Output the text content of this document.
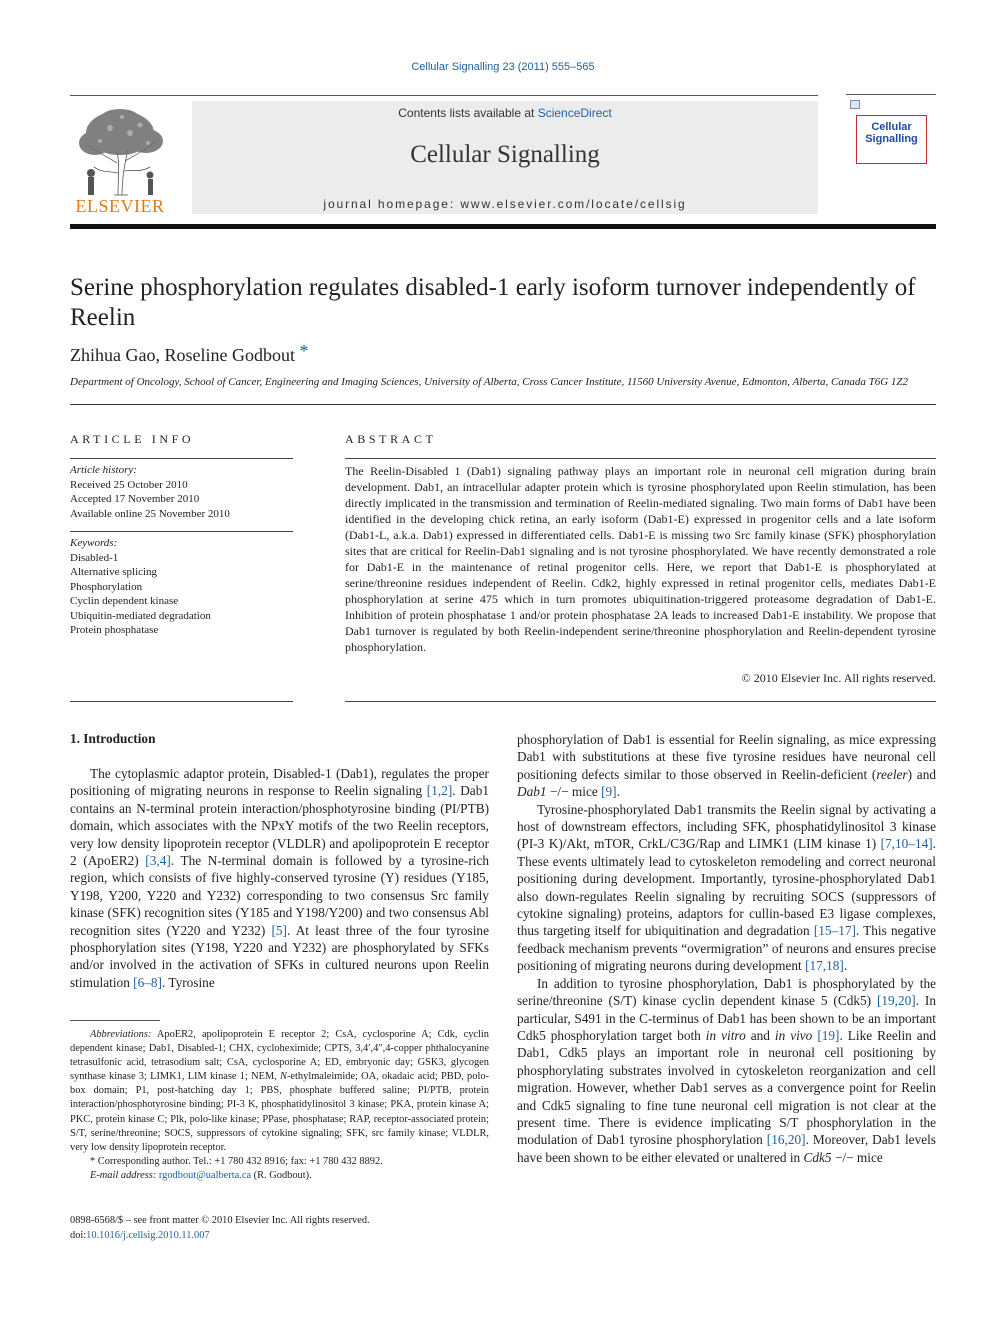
Cellular Signalling 23 (2011) 555–565
Contents lists available at ScienceDirect
Cellular Signalling
journal homepage: www.elsevier.com/locate/cellsig
ELSEVIER
Cellular
Signalling
Serine phosphorylation regulates disabled-1 early isoform turnover independently of Reelin
Zhihua Gao, Roseline Godbout *
Department of Oncology, School of Cancer, Engineering and Imaging Sciences, University of Alberta, Cross Cancer Institute, 11560 University Avenue, Edmonton, Alberta, Canada T6G 1Z2
ARTICLE INFO	ABSTRACT
Article history:
Received 25 October 2010
Accepted 17 November 2010
Available online 25 November 2010
Keywords:
Disabled-1
Alternative splicing
Phosphorylation
Cyclin dependent kinase
Ubiquitin-mediated degradation
Protein phosphatase
The Reelin-Disabled 1 (Dab1) signaling pathway plays an important role in neuronal cell migration during brain development. Dab1, an intracellular adapter protein which is tyrosine phosphorylated upon Reelin stimulation, has been directly implicated in the transmission and termination of Reelin-mediated signaling. Two main forms of Dab1 have been identified in the developing chick retina, an early isoform (Dab1-E) expressed in progenitor cells and a late isoform (Dab1-L, a.k.a. Dab1) expressed in differentiated cells. Dab1-E is missing two Src family kinase (SFK) phosphorylation sites that are critical for Reelin-Dab1 signaling and is not tyrosine phosphorylated. We have recently demonstrated a role for Dab1-E in the maintenance of retinal progenitor cells. Here, we report that Dab1-E is phosphorylated at serine/threonine residues independent of Reelin. Cdk2, highly expressed in retinal progenitor cells, mediates Dab1-E phosphorylation at serine 475 which in turn promotes ubiquitination-triggered proteasome degradation of Dab1-E. Inhibition of protein phosphatase 1 and/or protein phosphatase 2A leads to increased Dab1-E instability. We propose that Dab1 turnover is regulated by both Reelin-independent serine/threonine phosphorylation and Reelin-dependent tyrosine phosphorylation.
© 2010 Elsevier Inc. All rights reserved.
1. Introduction

The cytoplasmic adaptor protein, Disabled-1 (Dab1), regulates the proper positioning of migrating neurons in response to Reelin signaling [1,2]. Dab1 contains an N-terminal protein interaction/phosphotyrosine binding (PI/PTB) domain, which associates with the NPxY motifs of the two Reelin receptors, very low density lipoprotein receptor (VLDLR) and apolipoprotein E receptor 2 (ApoER2) [3,4]. The N-terminal domain is followed by a tyrosine-rich region, which consists of five highly-conserved tyrosine (Y) residues (Y185, Y198, Y200, Y220 and Y232) corresponding to two consensus Src family kinase (SFK) recognition sites (Y185 and Y198/Y200) and two consensus Abl recognition sites (Y220 and Y232) [5]. At least three of the four tyrosine phosphorylation sites (Y198, Y220 and Y232) are phosphorylated by SFKs and/or involved in the activation of SFKs in cultured neurons upon Reelin stimulation [6–8]. Tyrosine

phosphorylation of Dab1 is essential for Reelin signaling, as mice expressing Dab1 with substitutions at these five tyrosine residues have neuronal cell positioning defects similar to those observed in Reelin-deficient (reeler) and Dab1 −/− mice [9].

Tyrosine-phosphorylated Dab1 transmits the Reelin signal by activating a host of downstream effectors, including SFK, phosphatidylinositol 3 kinase (PI-3 K)/Akt, mTOR, CrkL/C3G/Rap and LIMK1 (LIM kinase 1) [7,10–14]. These events ultimately lead to cytoskeleton remodeling and correct neuronal positioning during development. Importantly, tyrosine-phosphorylated Dab1 also down-regulates Reelin signaling by recruiting SOCS (suppressors of cytokine signaling) proteins, adaptors for cullin-based E3 ligase complexes, thus targeting itself for ubiquitination and degradation [15–17]. This negative feedback mechanism prevents “overmigration” of neurons and ensures precise positioning of migrating neurons during development [17,18].

In addition to tyrosine phosphorylation, Dab1 is phosphorylated by the serine/threonine (S/T) kinase cyclin dependent kinase 5 (Cdk5) [19,20]. In particular, S491 in the C-terminus of Dab1 has been shown to be an important Cdk5 phosphorylation target both in vitro and in vivo [19]. Like Reelin and Dab1, Cdk5 plays an important role in neuronal cell positioning by phosphorylating substrates involved in cytoskeleton reorganization and cell migration. However, whether Dab1 serves as a convergence point for Reelin and Cdk5 signaling to fine tune neuronal cell migration is not clear at the present time. There is evidence implicating S/T phosphorylation in the modulation of Dab1 tyrosine phosphorylation [16,20]. Moreover, Dab1 levels have been shown to be either elevated or unaltered in Cdk5 −/− mice

Abbreviations: ApoER2, apolipoprotein E receptor 2; CsA, cyclosporine A; Cdk, cyclin dependent kinase; Dab1, Disabled-1; CHX, cycloheximide; CPTS, 3,4′,4″,4-copper phthalocyanine tetrasulfonic acid, tetrasodium salt; CsA, cyclosporine A; ED, embryonic day; GSK3, glycogen synthase kinase 3; LIMK1, LIM kinase 1; NEM, N-ethylmaleimide; OA, okadaic acid; PBD, polo-box domain; P1, post-hatching day 1; PBS, phosphate buffered saline; PI/PTB, protein interaction/phosphotyrosine binding; PI-3 K, phosphatidylinositol 3 kinase; PKA, protein kinase A; PKC, protein kinase C; Plk, polo-like kinase; PPase, phosphatase; RAP, receptor-associated protein; S/T, serine/threonine; SOCS, suppressors of cytokine signaling; SFK, src family kinase; VLDLR, very low density lipoprotein receptor.

* Corresponding author. Tel.: +1 780 432 8916; fax: +1 780 432 8892.

E-mail address: rgodbout@ualberta.ca (R. Godbout).

0898-6568/$ – see front matter © 2010 Elsevier Inc. All rights reserved.
doi:10.1016/j.cellsig.2010.11.007
